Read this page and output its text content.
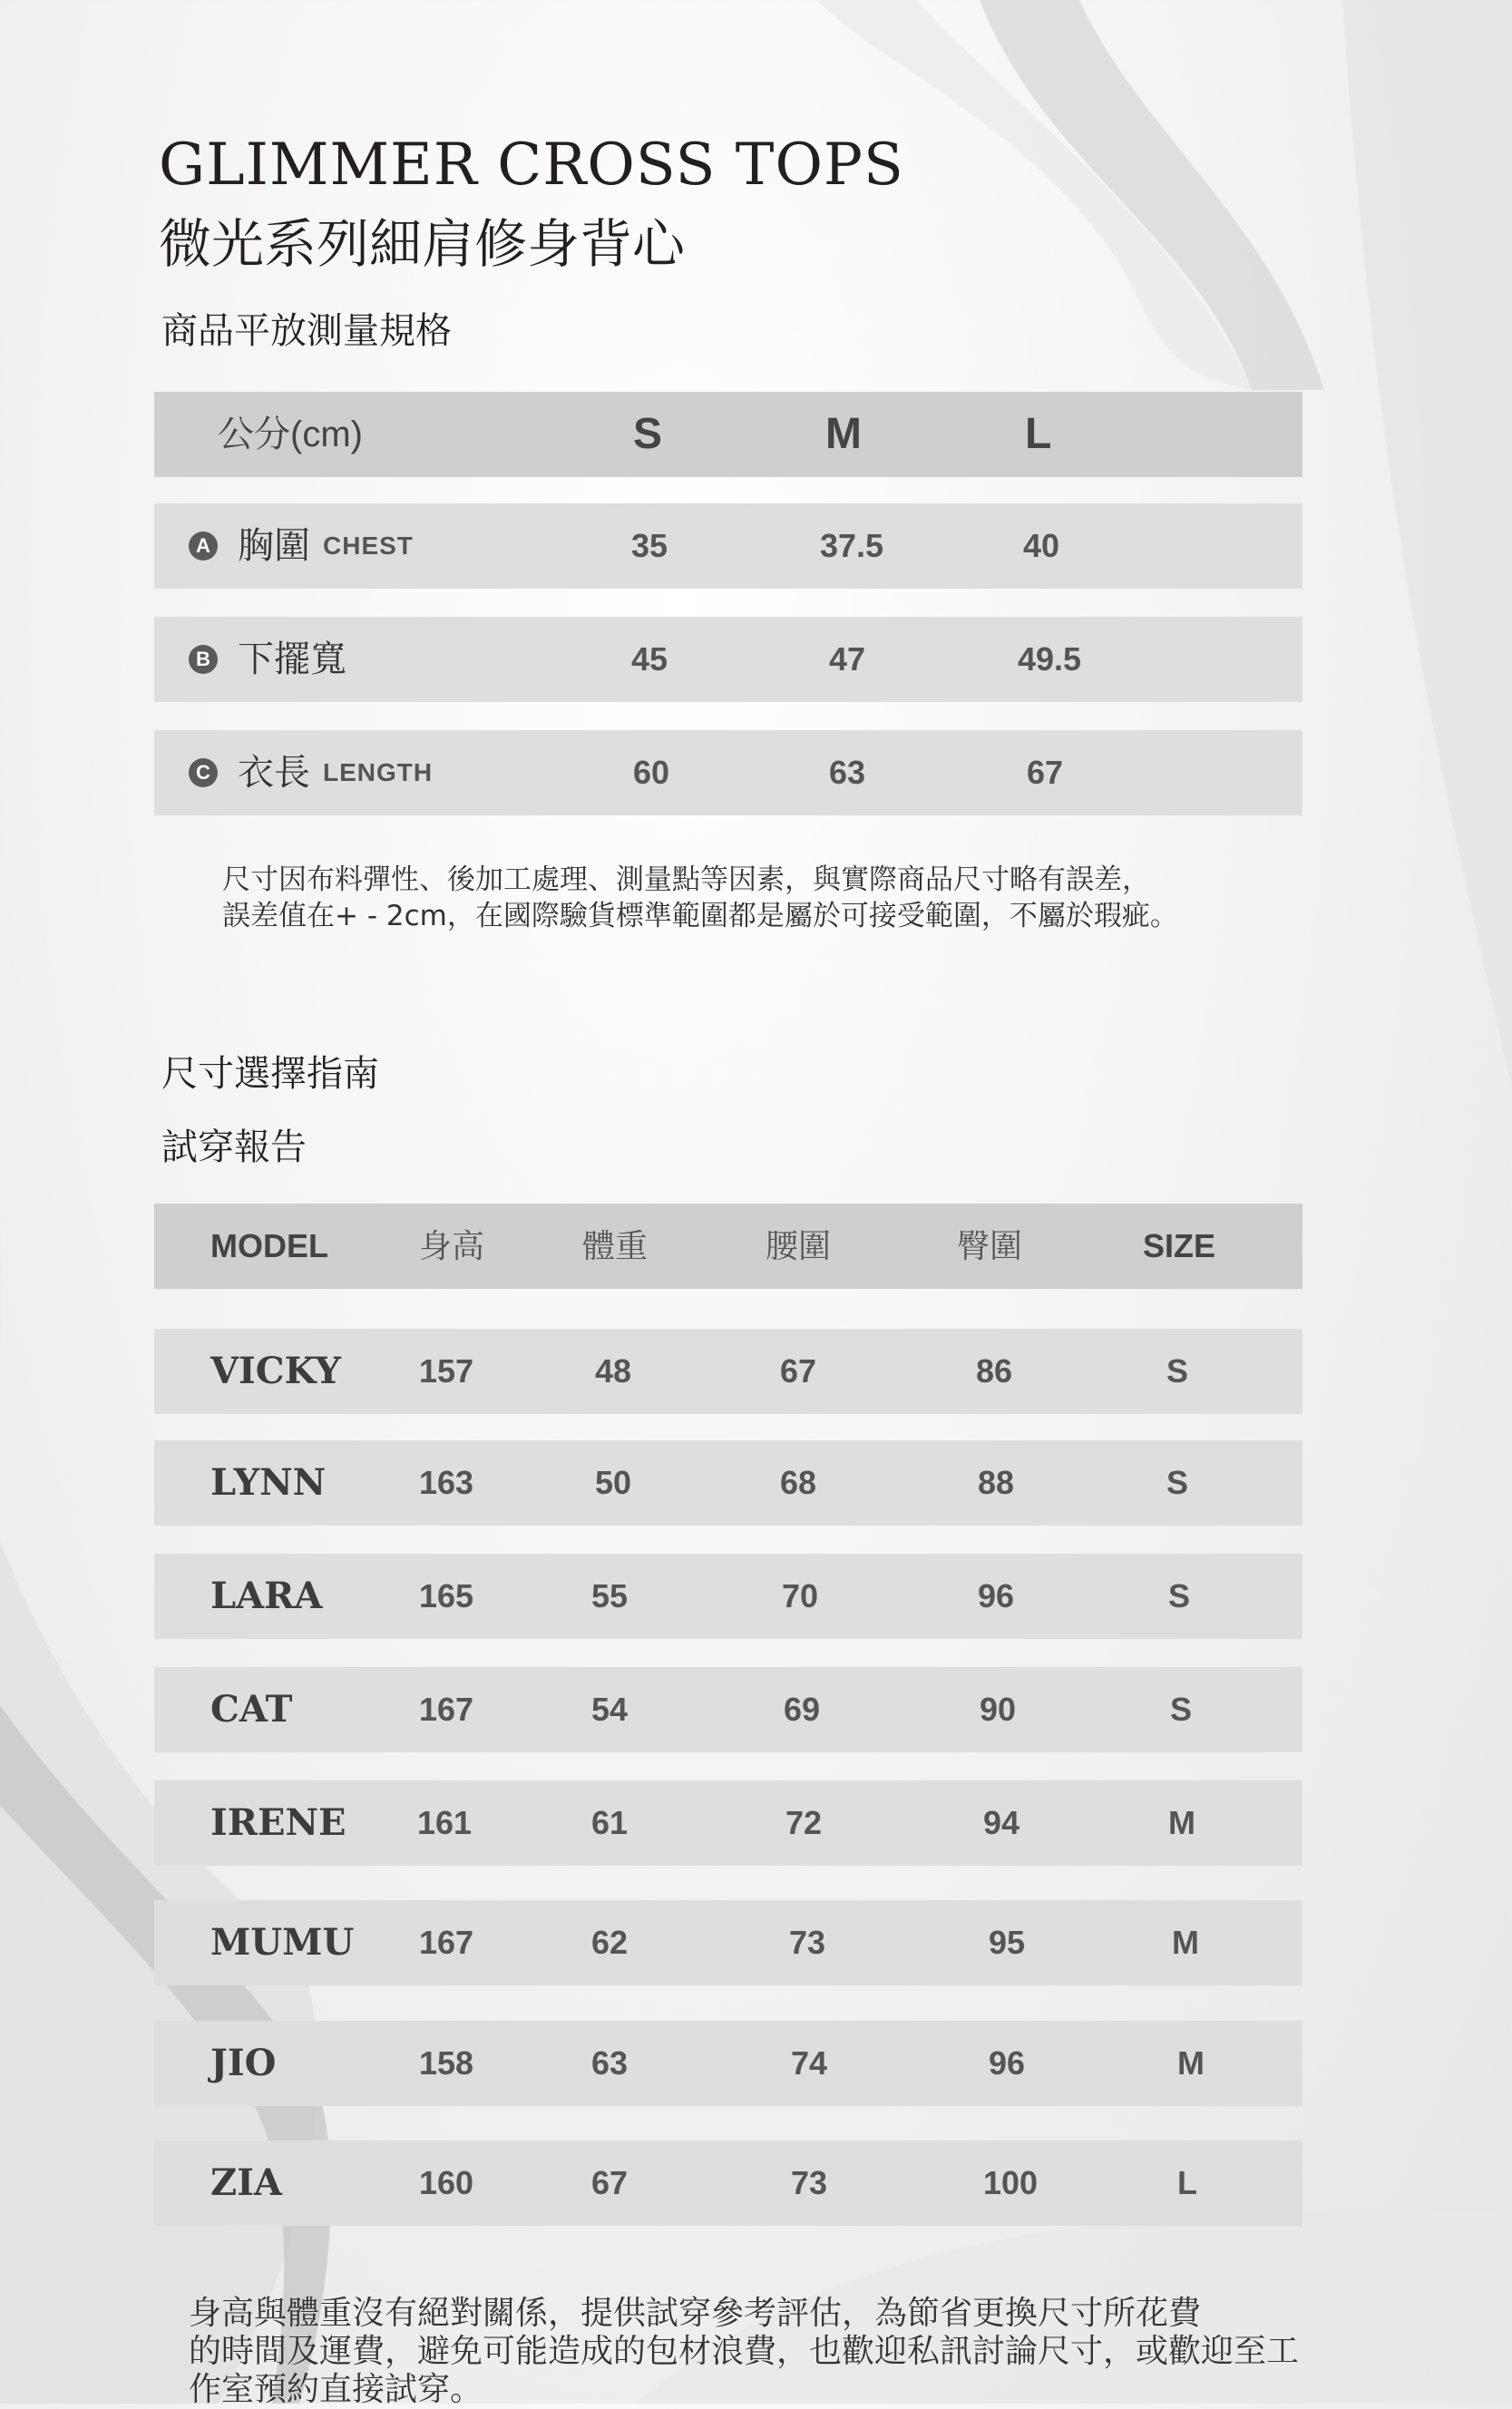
GLIMMER CROSS TOPS
微光系列細肩修身背心
商品平放測量規格
公分(cm)	S	M	L
A 胸圍 CHEST	35	37.5	40
B 下擺寬	45	47	49.5
C 衣長 LENGTH	60	63	67
尺寸因布料彈性、後加工處理、測量點等因素，與實際商品尺寸略有誤差，
誤差值在+ - 2cm，在國際驗貨標準範圍都是屬於可接受範圍，不屬於瑕疵。
尺寸選擇指南
試穿報告
MODEL	身高	體重	腰圍	臀圍	SIZE
VICKY 157	48	67	86	S
LYNN	163	50	68	88	S
LARA	165	55	70	96	S
CAT	167	54	69	90	S
IRENE 161	61	72	94	M
MUMU 167	62	73	95	M
JIO	158	63	74	96	M
ZIA	160	67	73	100	L
身高與體重沒有絕對關係，提供試穿參考評估，為節省更換尺寸所花費
的時間及運費，避免可能造成的包材浪費，也歡迎私訊討論尺寸，或歡迎至工
作室預約直接試穿。
